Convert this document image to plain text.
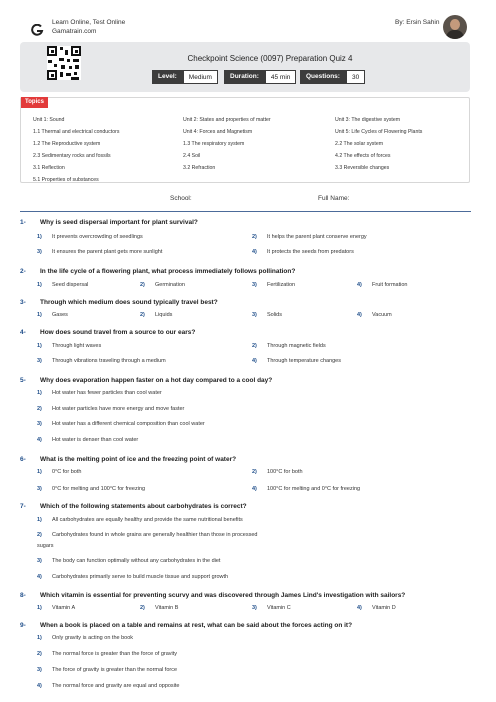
Learn Online, Test Online
Gamatrain.com
By: Ersin Sahin
Checkpoint Science (0097) Preparation Quiz 4
Level:	Medium	Duration:	45 min	Questions:	30
Topics
Unit 1: Sound	Unit 2: States and properties of matter	Unit 3: The digestive system
1.1 Thermal and electrical conductors	Unit 4: Forces and Magnetism	Unit 5: Life Cycles of Flowering Plants
1.2 The Reproductive system	1.3 The respiratory system	2.2 The solar system
2.3 Sedimentary rocks and fossils	2.4 Soil	4.2 The effects of forces
3.1 Reflection	3.2 Refraction	3.3 Reversible changes
5.1 Properties of substances
School:	Full Name:
1- Why is seed dispersal important for plant survival?
1) It prevents overcrowding of seedlings	2) It helps the parent plant conserve energy
3) It ensures the parent plant gets more sunlight	4) It protects the seeds from predators
2- In the life cycle of a flowering plant, what process immediately follows pollination?
1) Seed dispersal	2) Germination	3) Fertilization	4) Fruit formation
3- Through which medium does sound typically travel best?
1) Gases	2) Liquids	3) Solids	4) Vacuum
4- How does sound travel from a source to our ears?
1) Through light waves	2) Through magnetic fields
3) Through vibrations traveling through a medium	4) Through temperature changes
5- Why does evaporation happen faster on a hot day compared to a cool day?
1) Hot water has fewer particles than cool water
2) Hot water particles have more energy and move faster
3) Hot water has a different chemical composition than cool water
4) Hot water is denser than cool water
6- What is the melting point of ice and the freezing point of water?
1) 0°C for both	2) 100°C for both
3) 0°C for melting and 100°C for freezing	4) 100°C for melting and 0°C for freezing
7- Which of the following statements about carbohydrates is correct?
1) All carbohydrates are equally healthy and provide the same nutritional benefits
2) Carbohydrates found in whole grains are generally healthier than those in processed
sugars
3) The body can function optimally without any carbohydrates in the diet
4) Carbohydrates primarily serve to build muscle tissue and support growth
8- Which vitamin is essential for preventing scurvy and was discovered through James Lind's investigation with sailors?
1) Vitamin A	2) Vitamin B	3) Vitamin C	4) Vitamin D
9- When a book is placed on a table and remains at rest, what can be said about the forces acting on it?
1) Only gravity is acting on the book
2) The normal force is greater than the force of gravity
3) The force of gravity is greater than the normal force
4) The normal force and gravity are equal and opposite
